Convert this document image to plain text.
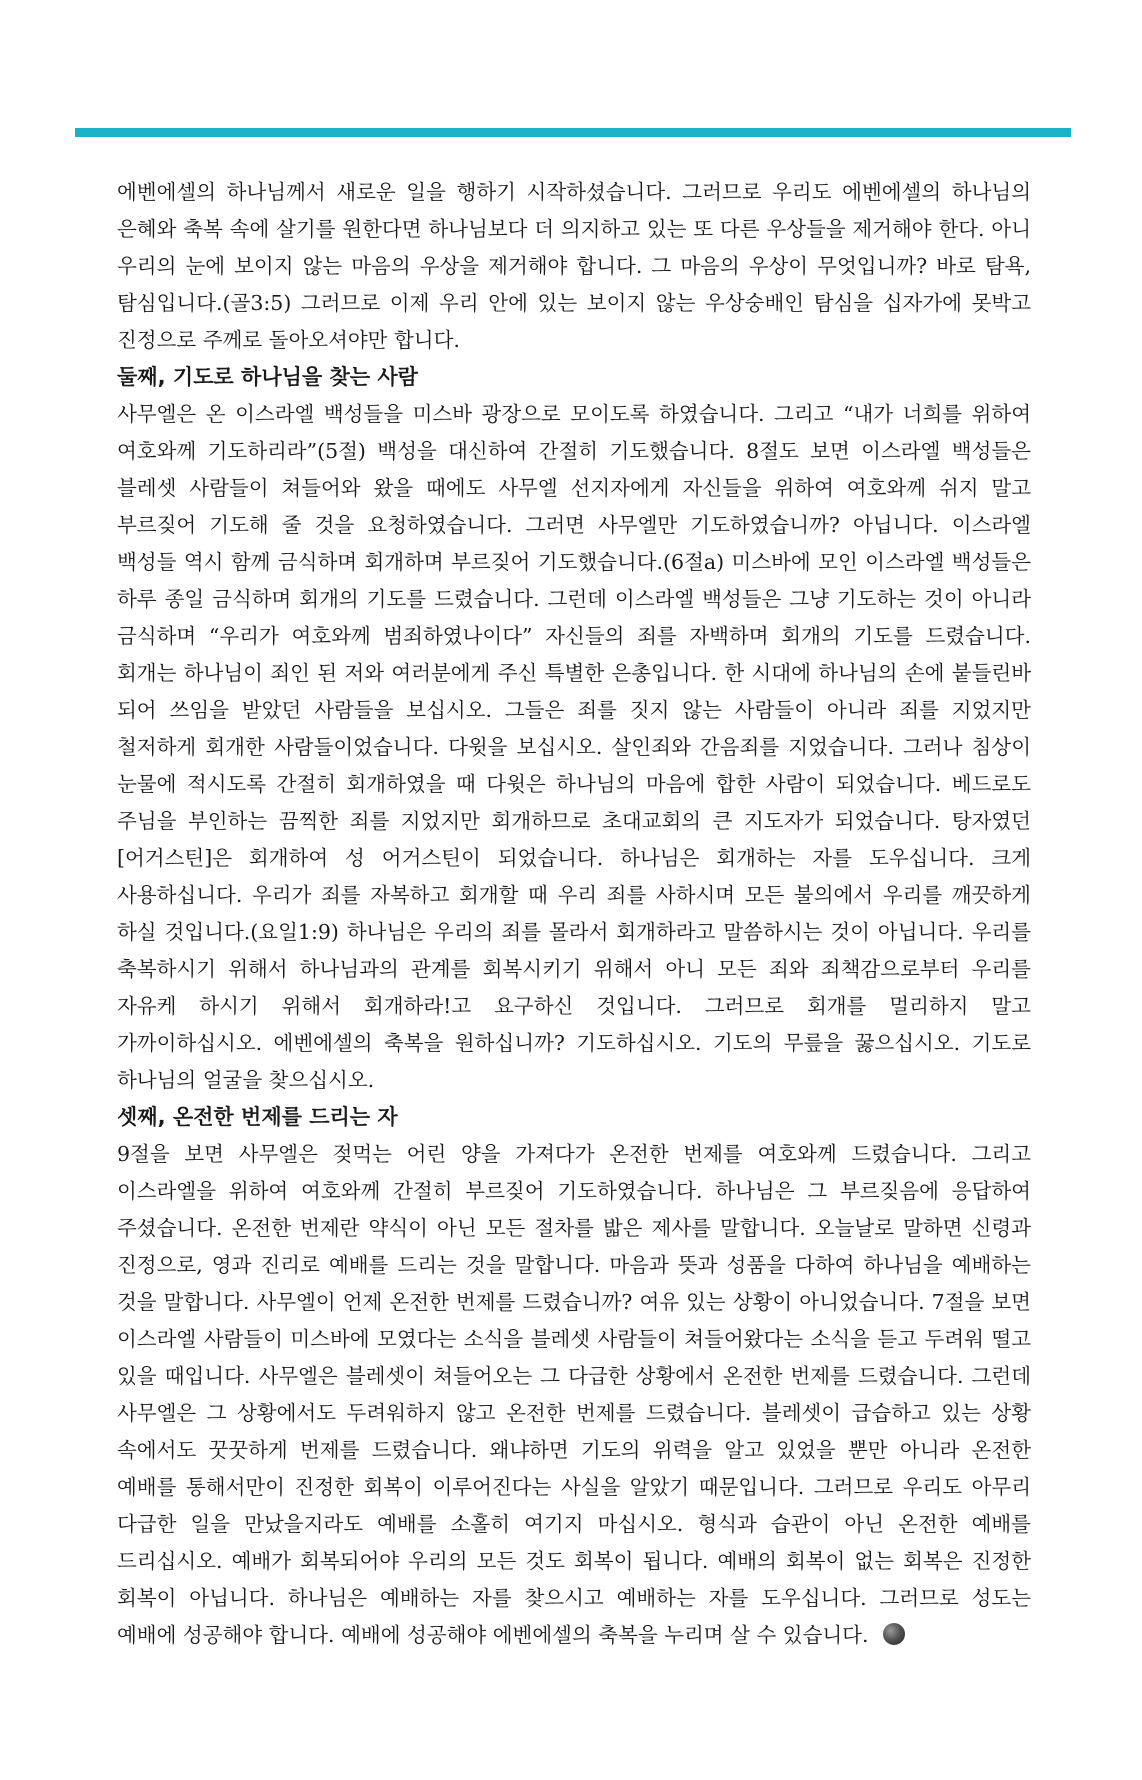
에벤에셀의 하나님께서 새로운 일을 행하기 시작하셨습니다. 그러므로 우리도 에벤에셀의 하나님의 은혜와 축복 속에 살기를 원한다면 하나님보다 더 의지하고 있는 또 다른 우상들을 제거해야 한다. 아니 우리의 눈에 보이지 않는 마음의 우상을 제거해야 합니다. 그 마음의 우상이 무엇입니까? 바로 탐욕, 탐심입니다.(골3:5) 그러므로 이제 우리 안에 있는 보이지 않는 우상숭배인 탐심을 십자가에 못박고 진정으로 주께로 돌아오셔야만 합니다.

둘째, 기도로 하나님을 찾는 사람

사무엘은 온 이스라엘 백성들을 미스바 광장으로 모이도록 하였습니다. 그리고 “내가 너희를 위하여 여호와께 기도하리라”(5절) 백성을 대신하여 간절히 기도했습니다. 8절도 보면 이스라엘 백성들은 블레셋 사람들이 쳐들어와 왔을 때에도 사무엘 선지자에게 자신들을 위하여 여호와께 쉬지 말고 부르짖어 기도해 줄 것을 요청하였습니다. 그러면 사무엘만 기도하였습니까? 아닙니다. 이스라엘 백성들 역시 함께 금식하며 회개하며 부르짖어 기도했습니다.(6절a) 미스바에 모인 이스라엘 백성들은 하루 종일 금식하며 회개의 기도를 드렸습니다. 그런데 이스라엘 백성들은 그냥 기도하는 것이 아니라 금식하며 “우리가 여호와께 범죄하였나이다” 자신들의 죄를 자백하며 회개의 기도를 드렸습니다. 회개는 하나님이 죄인 된 저와 여러분에게 주신 특별한 은총입니다. 한 시대에 하나님의 손에 붙들린바 되어 쓰임을 받았던 사람들을 보십시오. 그들은 죄를 짓지 않는 사람들이 아니라 죄를 지었지만 철저하게 회개한 사람들이었습니다. 다윗을 보십시오. 살인죄와 간음죄를 지었습니다. 그러나 침상이 눈물에 적시도록 간절히 회개하였을 때 다윗은 하나님의 마음에 합한 사람이 되었습니다. 베드로도 주님을 부인하는 끔찍한 죄를 지었지만 회개하므로 초대교회의 큰 지도자가 되었습니다. 탕자였던 [어거스틴]은 회개하여 성 어거스틴이 되었습니다. 하나님은 회개하는 자를 도우십니다. 크게 사용하십니다. 우리가 죄를 자복하고 회개할 때 우리 죄를 사하시며 모든 불의에서 우리를 깨끗하게 하실 것입니다.(요일1:9) 하나님은 우리의 죄를 몰라서 회개하라고 말씀하시는 것이 아닙니다. 우리를 축복하시기 위해서 하나님과의 관계를 회복시키기 위해서 아니 모든 죄와 죄책감으로부터 우리를 자유케 하시기 위해서 회개하라!고 요구하신 것입니다. 그러므로 회개를 멀리하지 말고 가까이하십시오. 에벤에셀의 축복을 원하십니까? 기도하십시오. 기도의 무릎을 꿇으십시오. 기도로 하나님의 얼굴을 찾으십시오.

셋째, 온전한 번제를 드리는 자

9절을 보면 사무엘은 젖먹는 어린 양을 가져다가 온전한 번제를 여호와께 드렸습니다. 그리고 이스라엘을 위하여 여호와께 간절히 부르짖어 기도하였습니다. 하나님은 그 부르짖음에 응답하여 주셨습니다. 온전한 번제란 약식이 아닌 모든 절차를 밟은 제사를 말합니다. 오늘날로 말하면 신령과 진정으로, 영과 진리로 예배를 드리는 것을 말합니다. 마음과 뜻과 성품을 다하여 하나님을 예배하는 것을 말합니다. 사무엘이 언제 온전한 번제를 드렸습니까? 여유 있는 상황이 아니었습니다. 7절을 보면 이스라엘 사람들이 미스바에 모였다는 소식을 블레셋 사람들이 쳐들어왔다는 소식을 듣고 두려워 떨고 있을 때입니다. 사무엘은 블레셋이 쳐들어오는 그 다급한 상황에서 온전한 번제를 드렸습니다. 그런데 사무엘은 그 상황에서도 두려워하지 않고 온전한 번제를 드렸습니다. 블레셋이 급습하고 있는 상황 속에서도 꿋꿋하게 번제를 드렸습니다. 왜냐하면 기도의 위력을 알고 있었을 뿐만 아니라 온전한 예배를 통해서만이 진정한 회복이 이루어진다는 사실을 알았기 때문입니다. 그러므로 우리도 아무리 다급한 일을 만났을지라도 예배를 소홀히 여기지 마십시오. 형식과 습관이 아닌 온전한 예배를 드리십시오. 예배가 회복되어야 우리의 모든 것도 회복이 됩니다. 예배의 회복이 없는 회복은 진정한 회복이 아닙니다. 하나님은 예배하는 자를 찾으시고 예배하는 자를 도우십니다. 그러므로 성도는 예배에 성공해야 합니다. 예배에 성공해야 에벤에셀의 축복을 누리며 살 수 있습니다.
